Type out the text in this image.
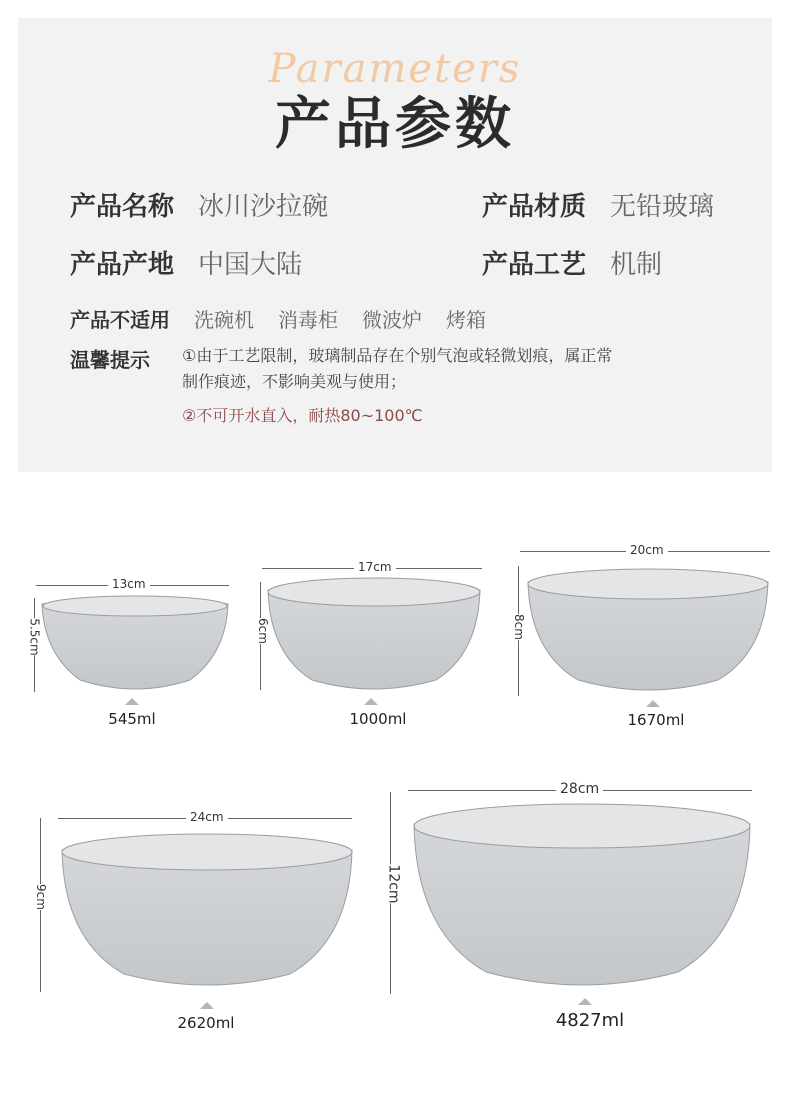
Parameters
产品参数
产品名称 冰川沙拉碗	产品材质 无铅玻璃
产品产地 中国大陆	产品工艺 机制
产品不适用 洗碗机 消毒柜 微波炉 烤箱
温馨提示 ①由于工艺限制，玻璃制品存在个别气泡或轻微划痕，属正常
制作痕迹，不影响美观与使用；
②不可开水直入，耐热80~100℃
13cm
5.5cm
545ml
17cm
6cm
1000ml
20cm
8cm
1670ml
24cm
9cm
2620ml
28cm
12cm
4827ml
